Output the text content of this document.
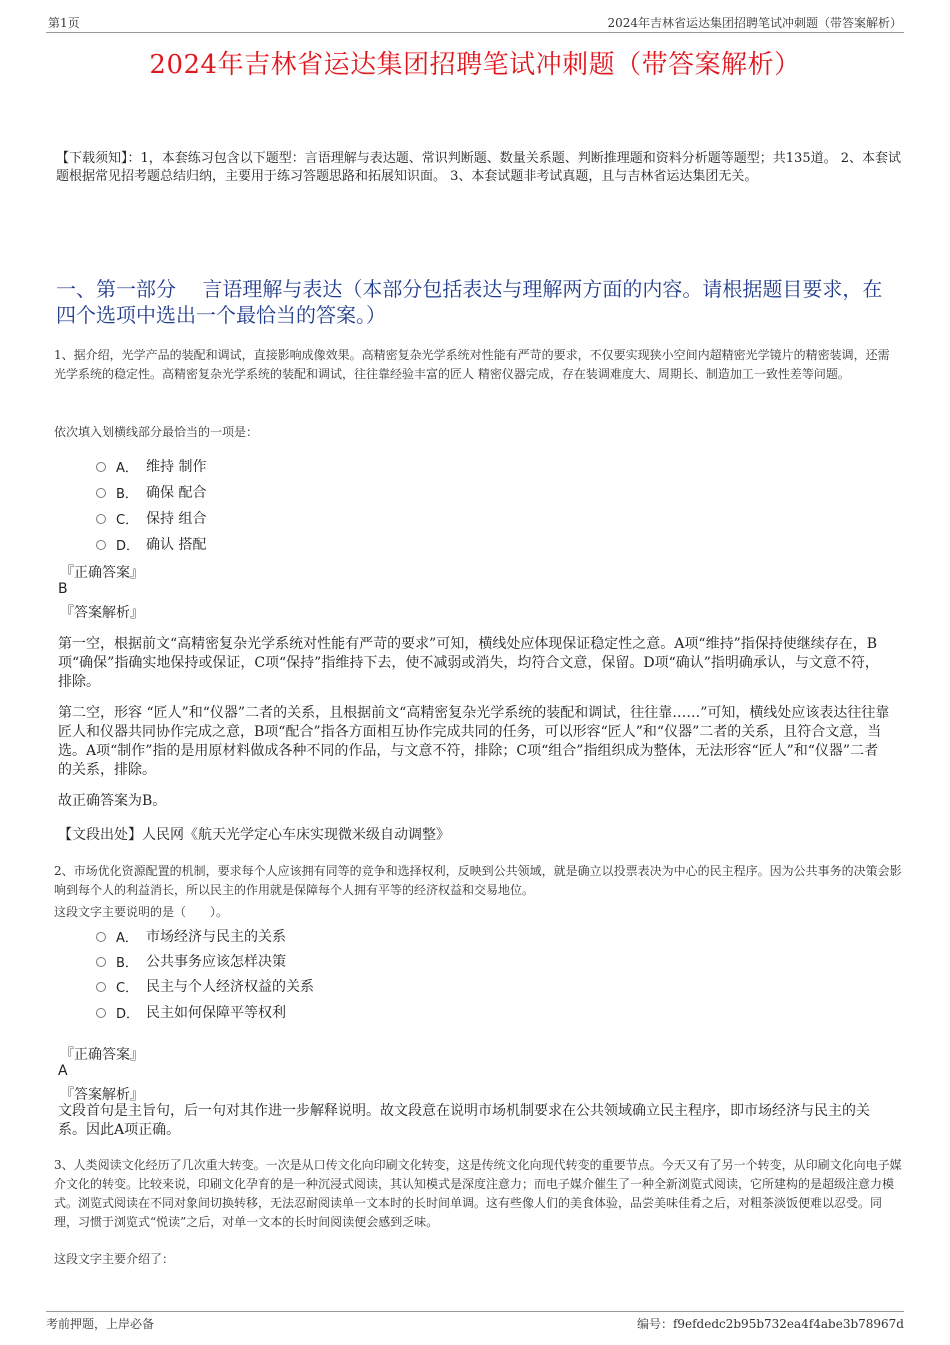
第1页	2024年吉林省运达集团招聘笔试冲刺题（带答案解析）
2024年吉林省运达集团招聘笔试冲刺题（带答案解析）
【下载须知】：1，本套练习包含以下题型：言语理解与表达题、常识判断题、数量关系题、判断推理题和资料分析题等题型；共135道。 2、本套试题根据常见招考题总结归纳，主要用于练习答题思路和拓展知识面。 3、本套试题非考试真题，且与吉林省运达集团无关。
一、第一部分　 言语理解与表达（本部分包括表达与理解两方面的内容。请根据题目要求，在四个选项中选出一个最恰当的答案。）
1、据介绍，光学产品的装配和调试，直接影响成像效果。高精密复杂光学系统对性能有严苛的要求，不仅要实现狭小空间内超精密光学镜片的精密装调，还需 光学系统的稳定性。高精密复杂光学系统的装配和调试，往往靠经验丰富的匠人 精密仪器完成，存在装调难度大、周期长、制造加工一致性差等问题。
依次填入划横线部分最恰当的一项是：
A． 维持 制作
B． 确保 配合
C． 保持 组合
D． 确认 搭配
『正确答案』
B
『答案解析』
第一空，根据前文“高精密复杂光学系统对性能有严苛的要求”可知，横线处应体现保证稳定性之意。A项“维持”指保持使继续存在，B项“确保”指确实地保持或保证，C项“保持”指维持下去，使不减弱或消失，均符合文意，保留。D项“确认”指明确承认，与文意不符，排除。
第二空，形容 “匠人”和“仪器”二者的关系，且根据前文“高精密复杂光学系统的装配和调试，往往靠……”可知，横线处应该表达往往靠匠人和仪器共同协作完成之意，B项“配合”指各方面相互协作完成共同的任务，可以形容“匠人”和“仪器”二者的关系，且符合文意，当选。A项“制作”指的是用原材料做成各种不同的作品，与文意不符，排除；C项“组合”指组织成为整体，无法形容“匠人”和“仪器”二者的关系，排除。
故正确答案为B。
【文段出处】人民网《航天光学定心车床实现微米级自动调整》
2、市场优化资源配置的机制，要求每个人应该拥有同等的竞争和选择权利，反映到公共领域，就是确立以投票表决为中心的民主程序。因为公共事务的决策会影响到每个人的利益消长，所以民主的作用就是保障每个人拥有平等的经济权益和交易地位。
这段文字主要说明的是（　　）。
A． 市场经济与民主的关系
B． 公共事务应该怎样决策
C． 民主与个人经济权益的关系
D． 民主如何保障平等权利
『正确答案』
A
『答案解析』
文段首句是主旨句，后一句对其作进一步解释说明。故文段意在说明市场机制要求在公共领域确立民主程序，即市场经济与民主的关系。因此A项正确。
3、人类阅读文化经历了几次重大转变。一次是从口传文化向印刷文化转变，这是传统文化向现代转变的重要节点。今天又有了另一个转变，从印刷文化向电子媒介文化的转变。比较来说，印刷文化孕育的是一种沉浸式阅读，其认知模式是深度注意力；而电子媒介催生了一种全新浏览式阅读，它所建构的是超级注意力模式。浏览式阅读在不同对象间切换转移，无法忍耐阅读单一文本时的长时间单调。这有些像人们的美食体验，品尝美味佳肴之后，对粗茶淡饭便难以忍受。同理，习惯于浏览式“悦读”之后，对单一文本的长时间阅读便会感到乏味。
这段文字主要介绍了：
考前押题，上岸必备	编号：f9efdedc2b95b732ea4f4abe3b78967d
